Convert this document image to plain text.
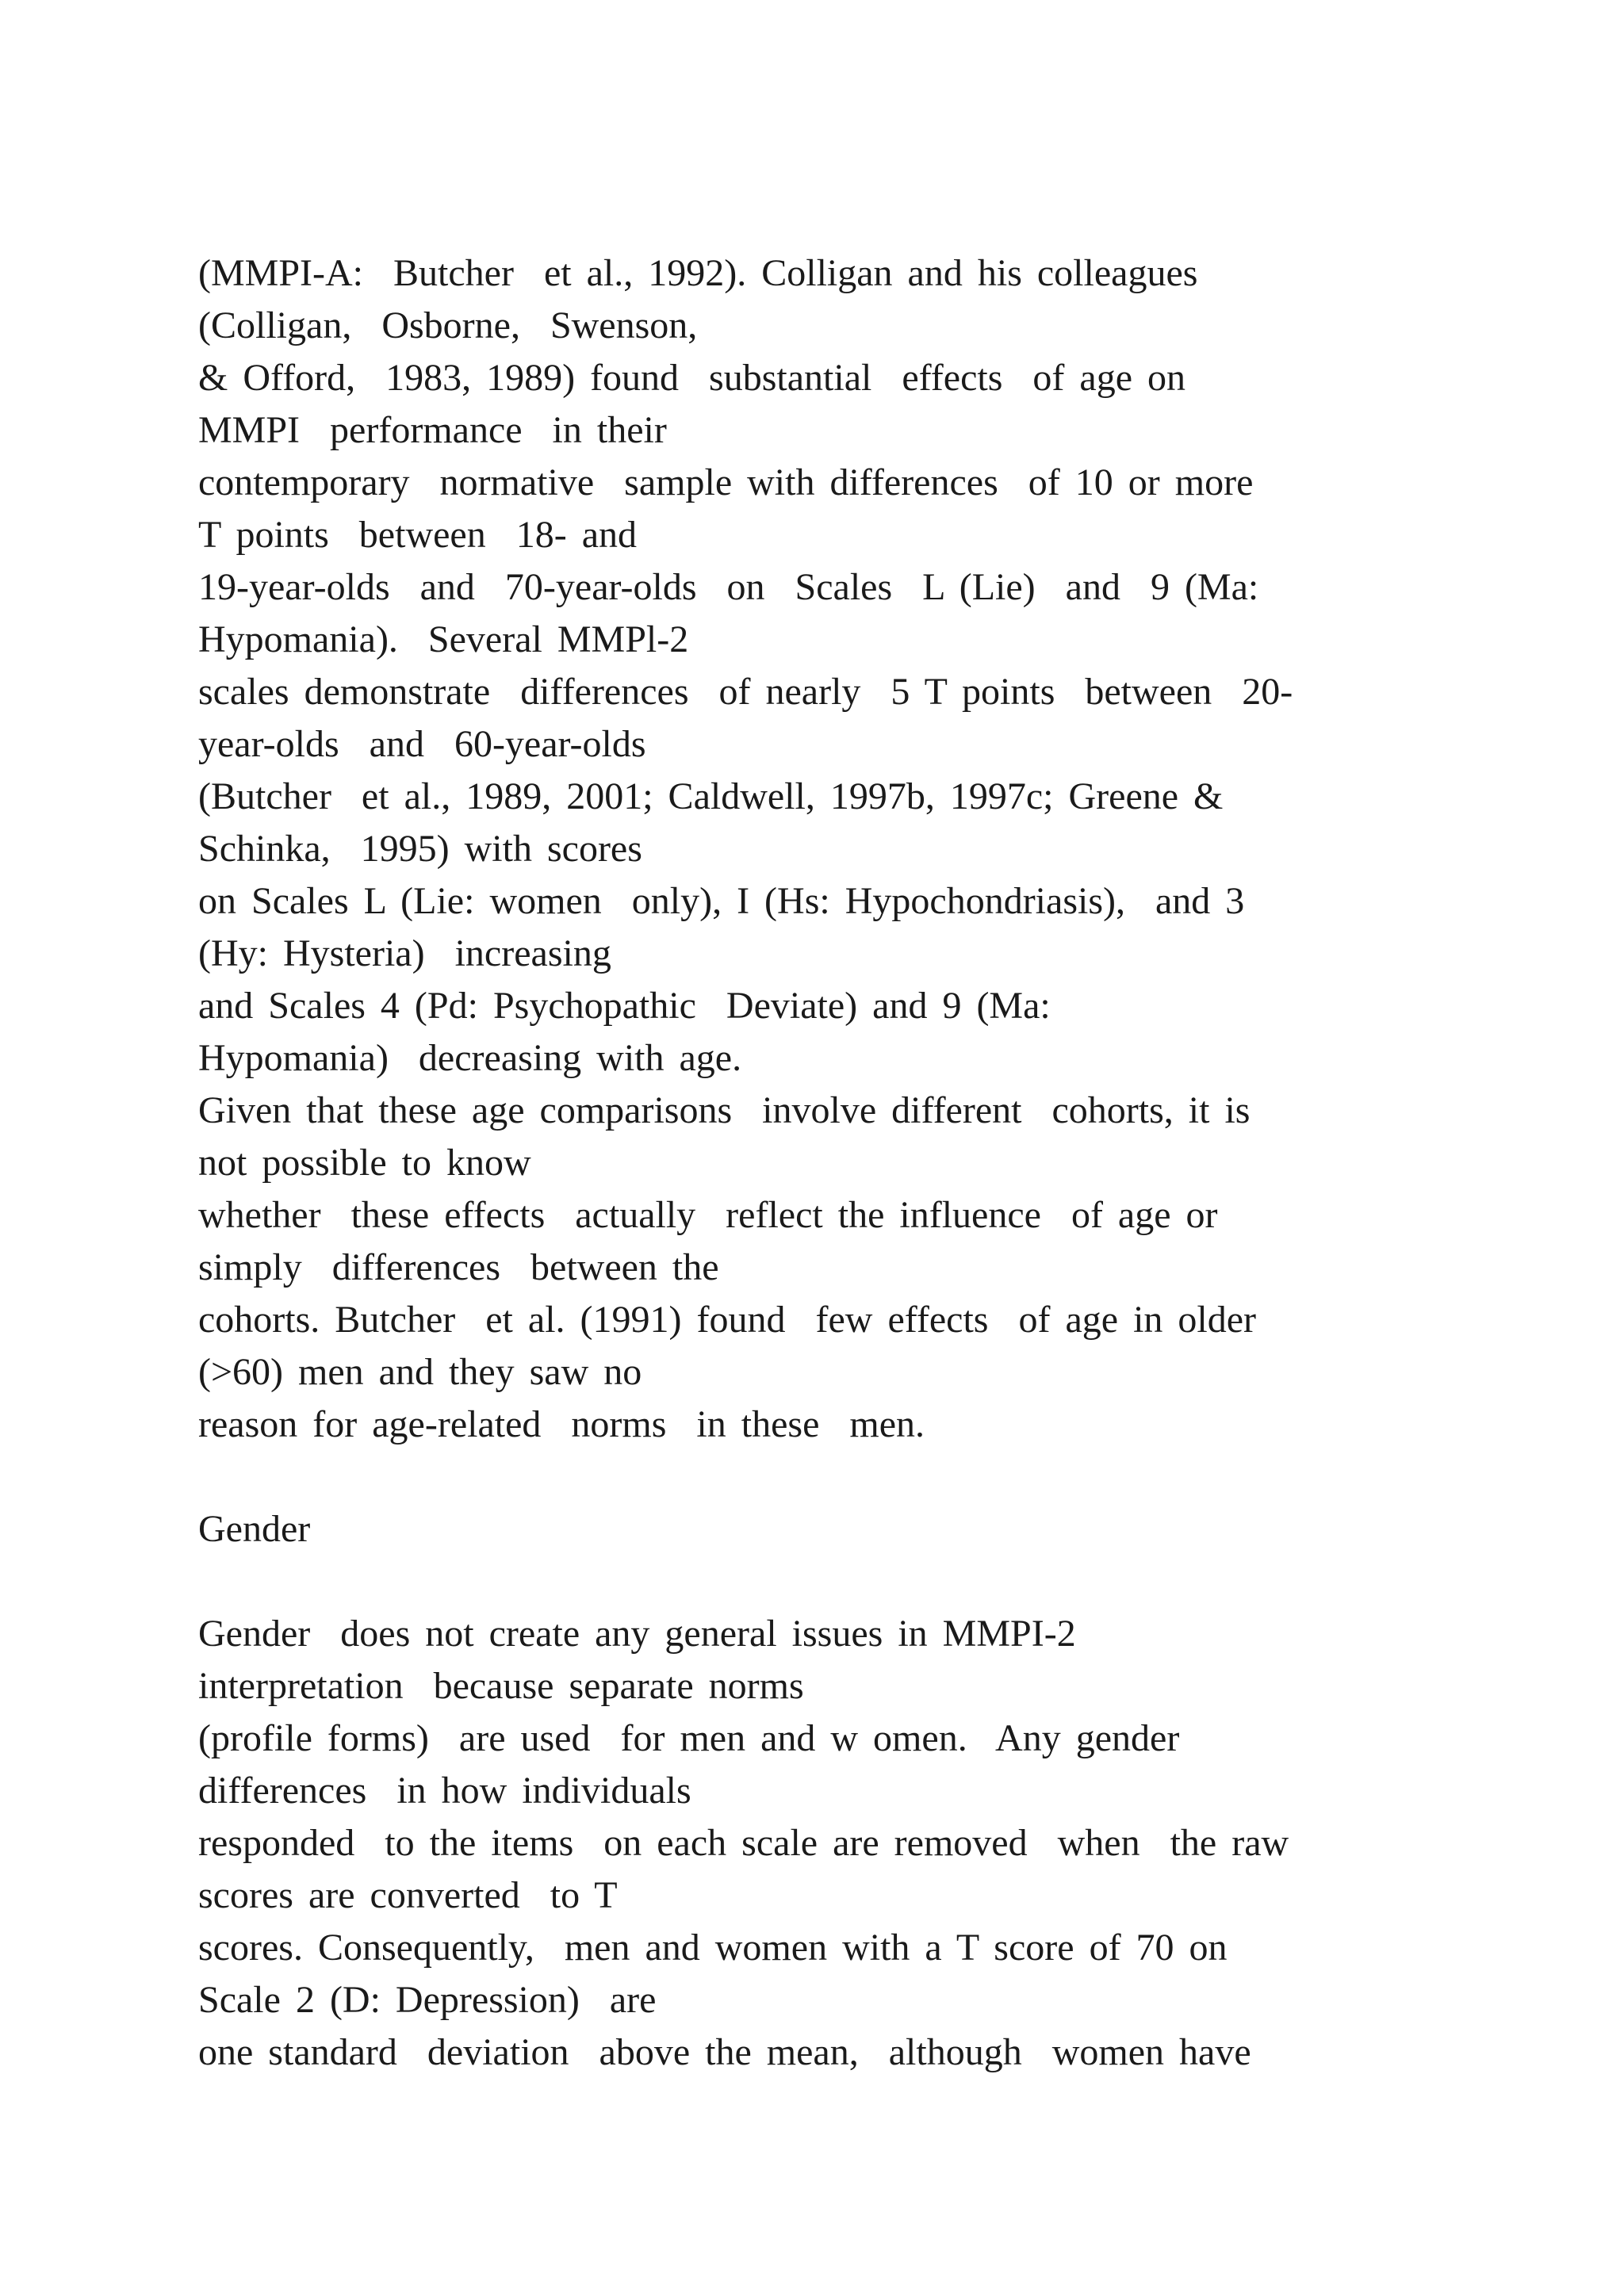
(MMPI-A:  Butcher  et al., 1992). Colligan and his colleagues
(Colligan,  Osborne,  Swenson,
& Offord,  1983, 1989) found  substantial  effects  of age on
MMPI  performance  in their
contemporary  normative  sample with differences  of 10 or more
T points  between  18- and
19-year-olds  and  70-year-olds  on  Scales  L (Lie)  and  9 (Ma:
Hypomania).  Several MMPl-2
scales demonstrate  differences  of nearly  5 T points  between  20-
year-olds  and  60-year-olds
(Butcher  et al., 1989, 2001; Caldwell, 1997b, 1997c; Greene &
Schinka,  1995) with scores
on Scales L (Lie: women  only), I (Hs: Hypochondriasis),  and 3
(Hy: Hysteria)  increasing
and Scales 4 (Pd: Psychopathic  Deviate) and 9 (Ma:
Hypomania)  decreasing with age.
Given that these age comparisons  involve different  cohorts, it is
not possible to know
whether  these effects  actually  reflect the influence  of age or
simply  differences  between the
cohorts. Butcher  et al. (1991) found  few effects  of age in older
(>60) men and they saw no
reason for age-related  norms  in these  men.
Gender
Gender  does not create any general issues in MMPI-2
interpretation  because separate norms
(profile forms)  are used  for men and w omen.  Any gender
differences  in how individuals
responded  to the items  on each scale are removed  when  the raw
scores are converted  to T
scores. Consequently,  men and women with a T score of 70 on
Scale 2 (D: Depression)  are
one standard  deviation  above the mean,  although  women have
